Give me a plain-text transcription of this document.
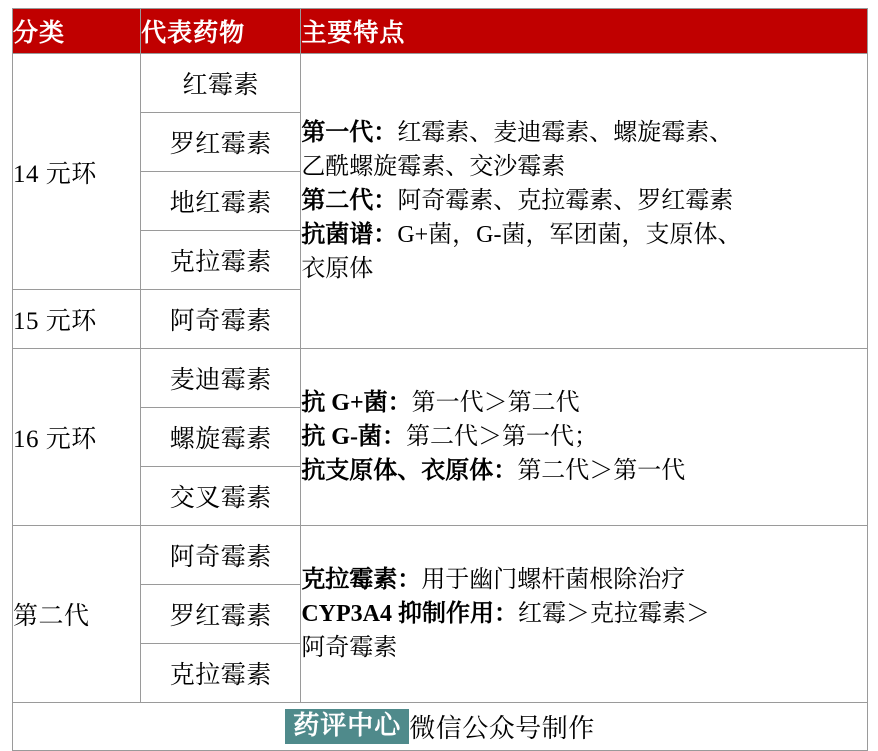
分类	代表药物	主要特点
14 元环	红霉素	第一代：红霉素、麦迪霉素、螺旋霉素、
乙酰螺旋霉素、交沙霉素
第二代：阿奇霉素、克拉霉素、罗红霉素
抗菌谱：G+菌，G-菌，军团菌，支原体、
衣原体

	罗红霉素	
	地红霉素	
	克拉霉素	
15 元环	阿奇霉素	
16 元环	麦迪霉素	抗 G+菌：第一代＞第二代
抗 G-菌：第二代＞第一代；
抗支原体、衣原体：第二代＞第一代

	螺旋霉素	
	交叉霉素	
第二代	阿奇霉素	克拉霉素：用于幽门螺杆菌根除治疗
CYP3A4 抑制作用：红霉＞克拉霉素＞
阿奇霉素

	罗红霉素	
	克拉霉素	
药评中心 微信公众号制作
